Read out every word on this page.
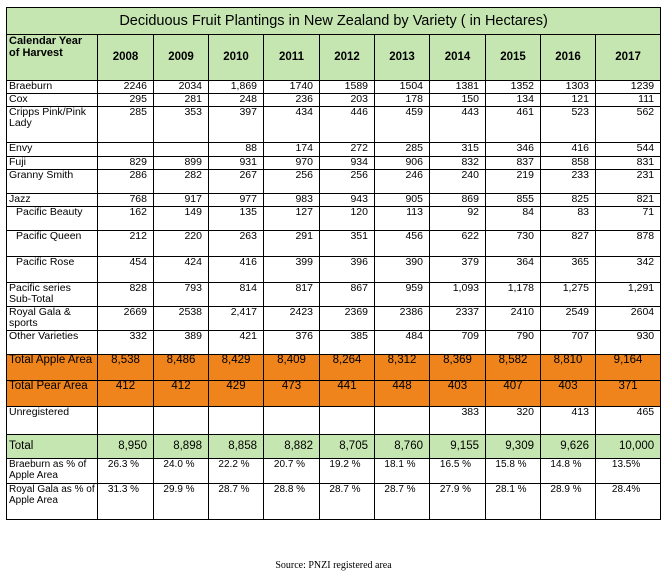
Deciduous Fruit Plantings in New Zealand by Variety ( in Hectares)										
Calendar Year of Harvest	2008	2009	2010	2011	2012	2013	2014	2015	2016	2017
Braeburn	2246	2034	1,869	1740	1589	1504	1381	1352	1303	1239
Cox	295	281	248	236	203	178	150	134	121	111
Cripps Pink/Pink Lady	285	353	397	434	446	459	443	461	523	562
Envy			88	174	272	285	315	346	416	544
Fuji	829	899	931	970	934	906	832	837	858	831
Granny Smith	286	282	267	256	256	246	240	219	233	231
Jazz	768	917	977	983	943	905	869	855	825	821
Pacific Beauty	162	149	135	127	120	113	92	84	83	71
Pacific Queen	212	220	263	291	351	456	622	730	827	878
Pacific Rose	454	424	416	399	396	390	379	364	365	342
Pacific series Sub-Total	828	793	814	817	867	959	1,093	1,178	1,275	1,291
Royal Gala & sports	2669	2538	2,417	2423	2369	2386	2337	2410	2549	2604
Other Varieties	332	389	421	376	385	484	709	790	707	930
Total Apple Area	8,538	8,486	8,429	8,409	8,264	8,312	8,369	8,582	8,810	9,164
Total Pear Area	412	412	429	473	441	448	403	407	403	371
Unregistered							383	320	413	465
Total	8,950	8,898	8,858	8,882	8,705	8,760	9,155	9,309	9,626	10,000
Braeburn as % of Apple Area	26.3 %	24.0 %	22.2 %	20.7 %	19.2 %	18.1 %	16.5 %	15.8 %	14.8 %	13.5%
Royal Gala as % of Apple Area	31.3 %	29.9 %	28.7 %	28.8 %	28.7 %	28.7 %	27.9 %	28.1 %	28.9 %	28.4%
Source: PNZI registered area
